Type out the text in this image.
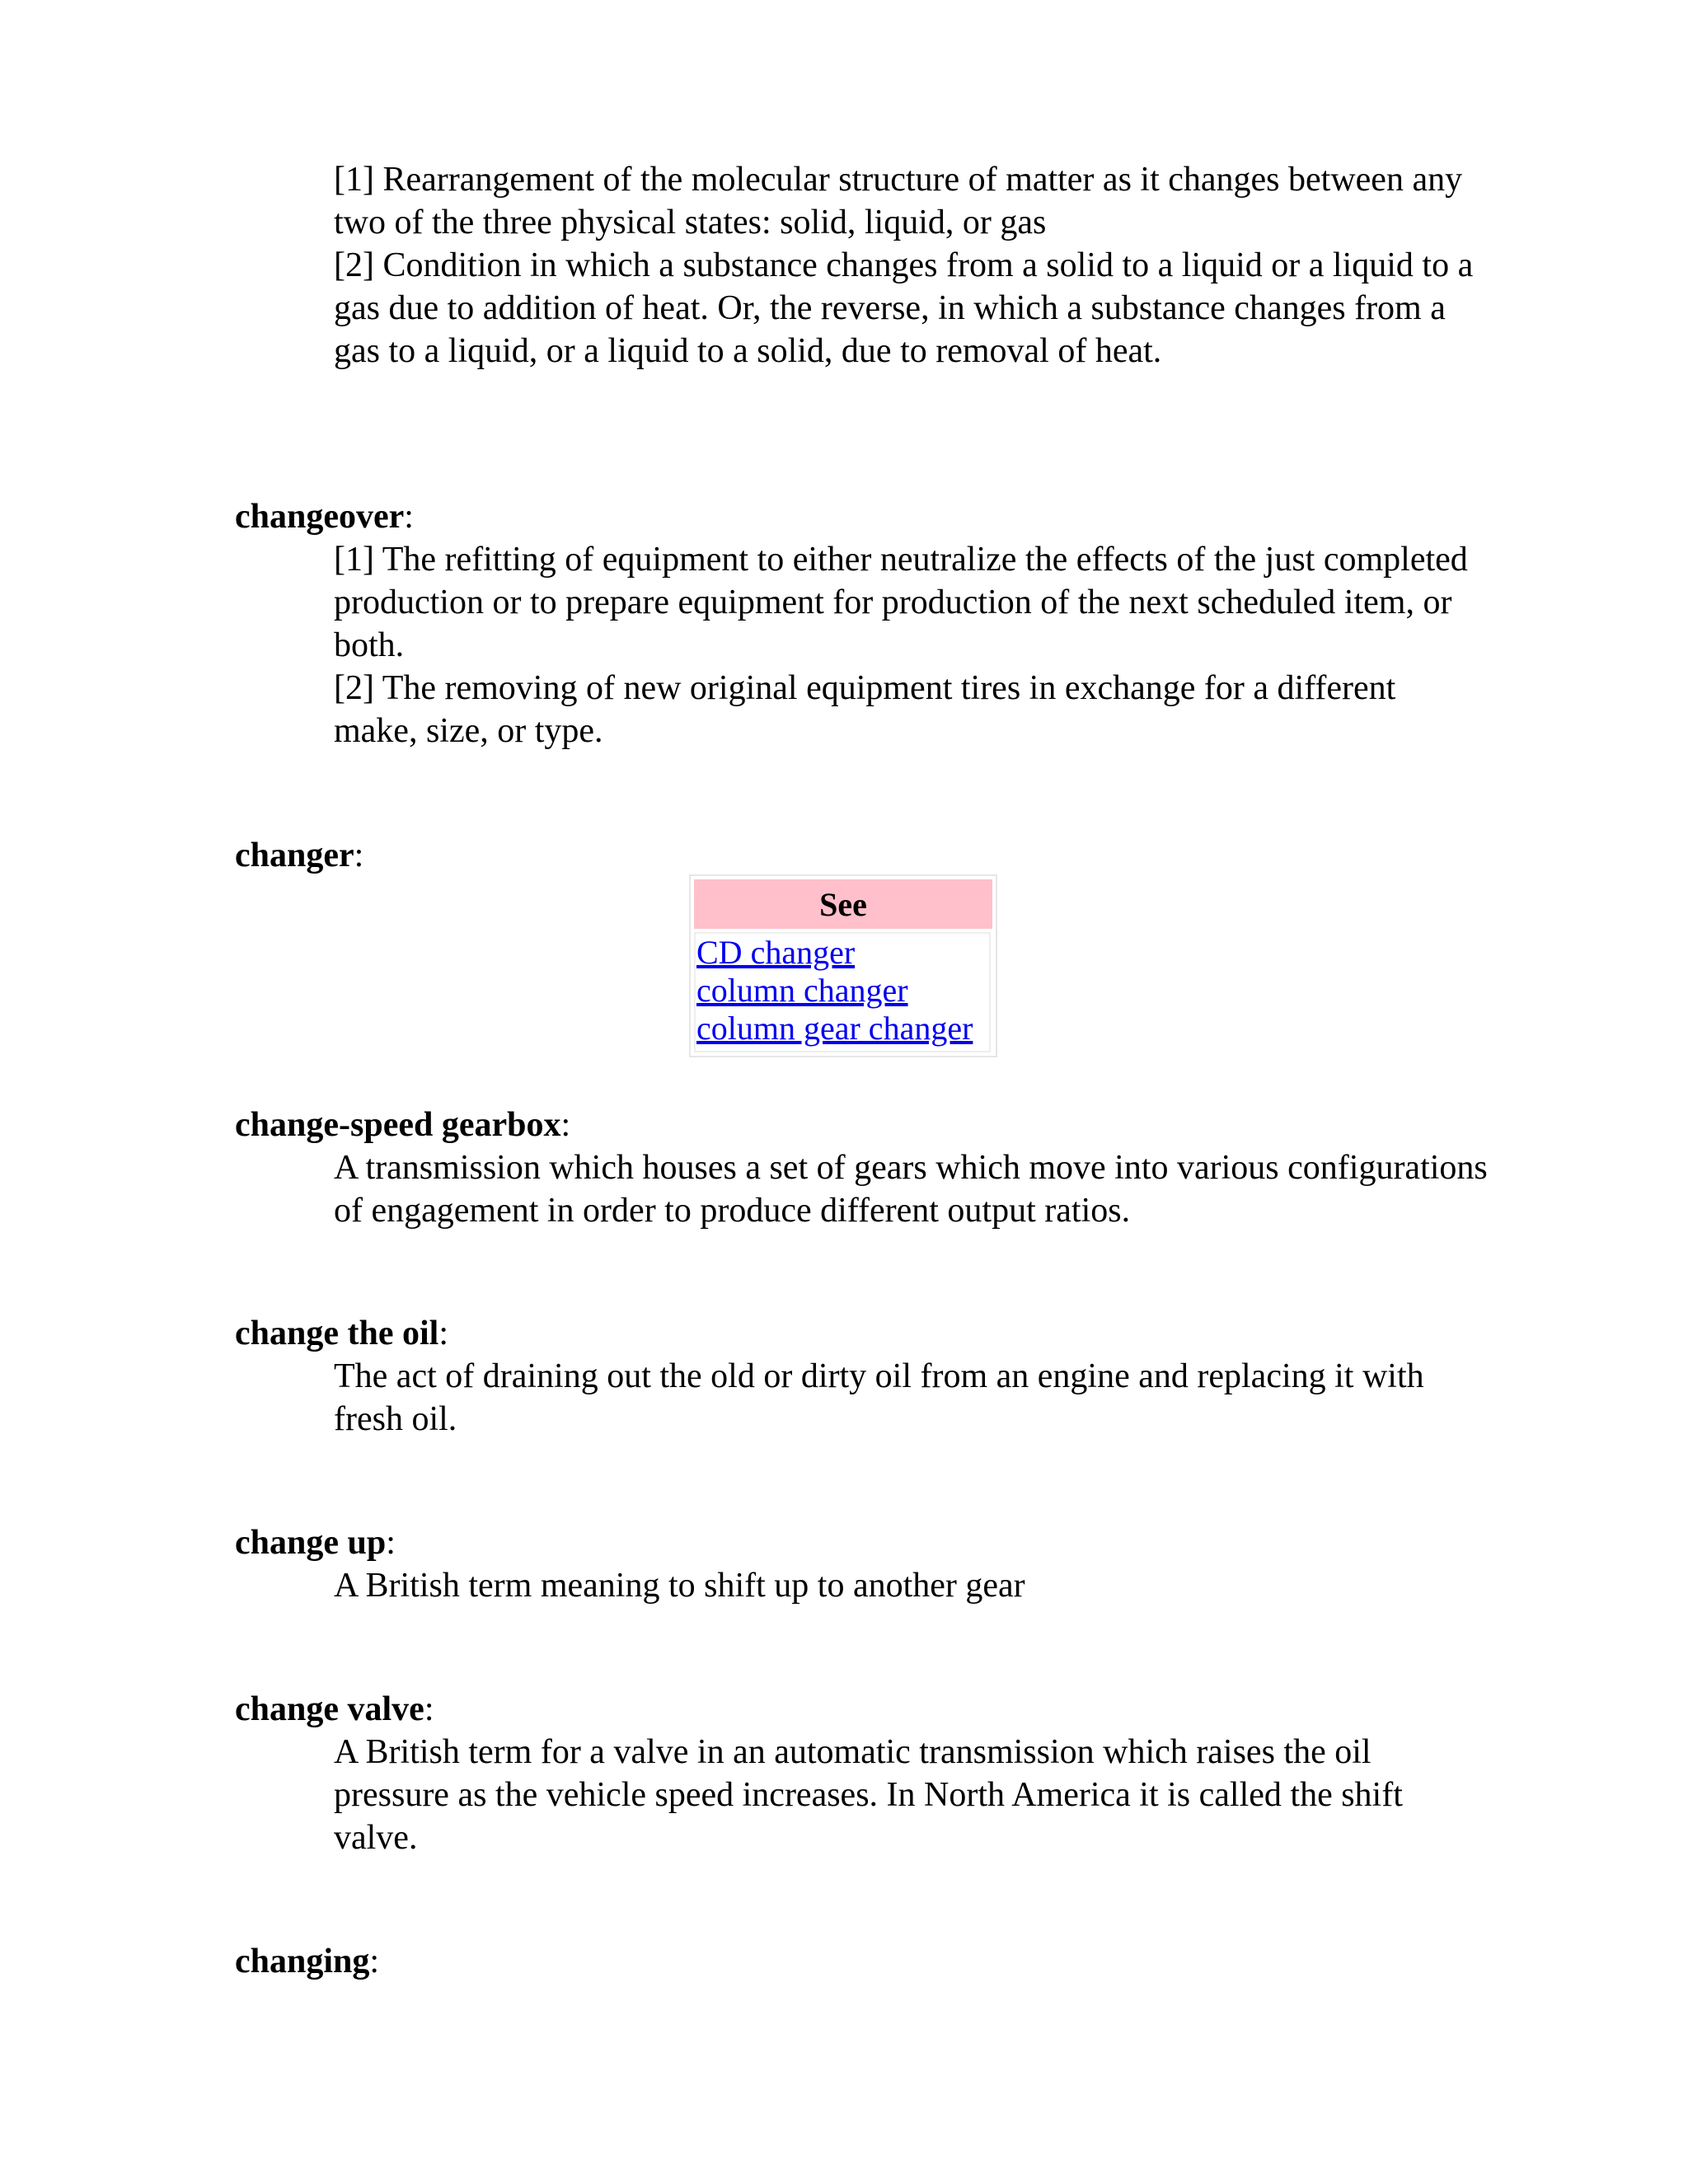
[1] Rearrangement of the molecular structure of matter as it changes between any two of the three physical states: solid, liquid, or gas

[2] Condition in which a substance changes from a solid to a liquid or a liquid to a gas due to addition of heat. Or, the reverse, in which a substance changes from a gas to a liquid, or a liquid to a solid, due to removal of heat.

changeover:

[1] The refitting of equipment to either neutralize the effects of the just completed production or to prepare equipment for production of the next scheduled item, or both.

[2] The removing of new original equipment tires in exchange for a different make, size, or type.

changer:
See
CD changer
column changer
column gear changer
change-speed gearbox:

A transmission which houses a set of gears which move into various configurations of engagement in order to produce different output ratios.

change the oil:

The act of draining out the old or dirty oil from an engine and replacing it with fresh oil.

change up:

A British term meaning to shift up to another gear

change valve:

A British term for a valve in an automatic transmission which raises the oil pressure as the vehicle speed increases. In North America it is called the shift valve.

changing:
